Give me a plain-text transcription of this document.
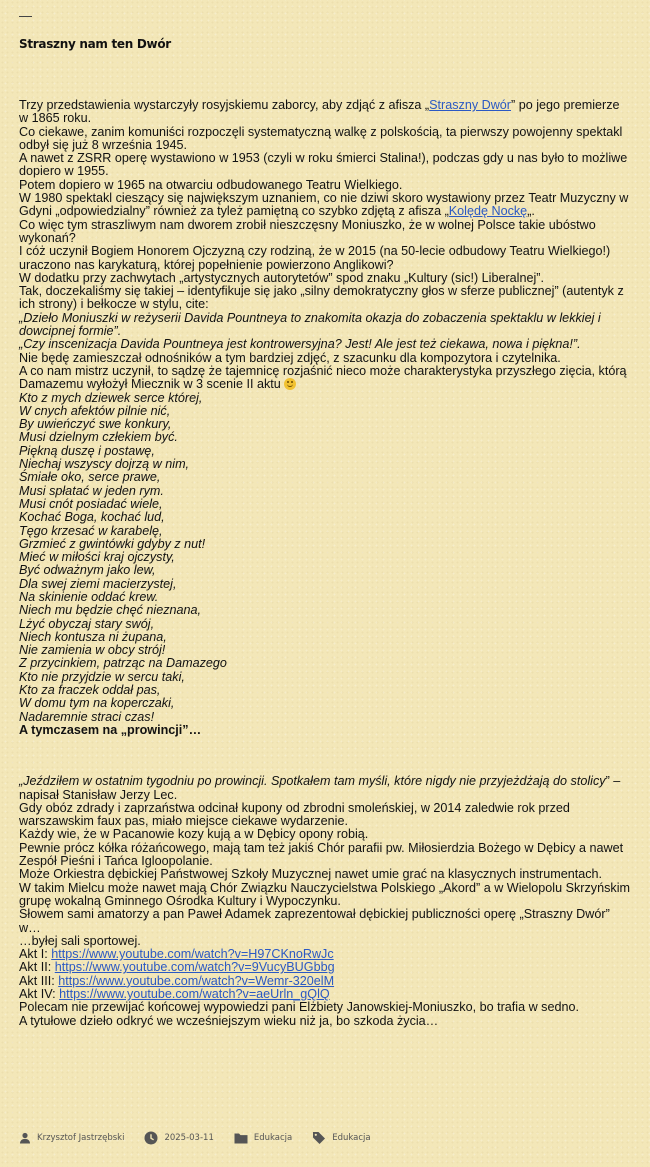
Straszny nam ten Dwór

Trzy przedstawienia wystarczyły rosyjskiemu zaborcy, aby zdjąć z afisza „Straszny Dwór” po jego premierze w 1865 roku.

Co ciekawe, zanim komuniści rozpoczęli systematyczną walkę z polskością, ta pierwszy powojenny spektakl odbył się już 8 września 1945.

A nawet z ZSRR operę wystawiono w 1953 (czyli w roku śmierci Stalina!), podczas gdy u nas było to możliwe dopiero w 1955.

Potem dopiero w 1965 na otwarciu odbudowanego Teatru Wielkiego.

W 1980 spektakl cieszący się największym uznaniem, co nie dziwi skoro wystawiony przez Teatr Muzyczny w Gdyni „odpowiedzialny” również za tyleż pamiętną co szybko zdjętą z afisza „Kolędę Nockę„.

Co więc tym straszliwym nam dworem zrobił nieszczęsny Moniuszko, że w wolnej Polsce takie ubóstwo wykonań?

I cóż uczynił Bogiem Honorem Ojczyzną czy rodziną, że w 2015 (na 50-lecie odbudowy Teatru Wielkiego!) uraczono nas karykaturą, której popełnienie powierzono Anglikowi?

W dodatku przy zachwytach „artystycznych autorytetów” spod znaku „Kultury (sic!) Liberalnej”.

Tak, doczekaliśmy się takiej – identyfikuje się jako „silny demokratyczny głos w sferze publicznej” (autentyk z ich strony) i bełkocze w stylu, cite:

„Dzieło Moniuszki w reżyserii Davida Pountneya to znakomita okazja do zobaczenia spektaklu w lekkiej i dowcipnej formie”.

„Czy inscenizacja Davida Pountneya jest kontrowersyjna? Jest! Ale jest też ciekawa, nowa i piękna!”.

Nie będę zamieszczał odnośników a tym bardziej zdjęć, z szacunku dla kompozytora i czytelnika.

A co nam mistrz uczynił, to sądzę że tajemnicę rozjaśnić nieco może charakterystyka przyszłego zięcia, którą Damazemu wyłożył Miecznik w 3 scenie II aktu

Kto z mych dziewek serce której,

W cnych afektów pilnie nić,

By uwieńczyć swe konkury,

Musi dzielnym człekiem być.

Piękną duszę i postawę,

Niechaj wszyscy dojrzą w nim,

Śmiałe oko, serce prawe,

Musi spłatać w jeden rym.

Musi cnót posiadać wiele,

Kochać Boga, kochać lud,

Tęgo krzesać w karabelę,

Grzmieć z gwintówki gdyby z nut!

Mieć w miłości kraj ojczysty,

Być odważnym jako lew,

Dla swej ziemi macierzystej,

Na skinienie oddać krew.

Niech mu będzie chęć nieznana,

Lżyć obyczaj stary swój,

Niech kontusza ni żupana,

Nie zamienia w obcy strój!

Z przycinkiem, patrząc na Damazego

Kto nie przyjdzie w sercu taki,

Kto za fraczek oddał pas,

W domu tym na koperczaki,

Nadaremnie straci czas!

A tymczasem na „prowincji”…

„Jeździłem w ostatnim tygodniu po prowincji. Spotkałem tam myśli, które nigdy nie przyjeżdżają do stolicy” – napisał Stanisław Jerzy Lec.

Gdy obóz zdrady i zaprzaństwa odcinał kupony od zbrodni smoleńskiej, w 2014 zaledwie rok przed warszawskim faux pas, miało miejsce ciekawe wydarzenie.

Każdy wie, że w Pacanowie kozy kują a w Dębicy opony robią.

Pewnie prócz kółka różańcowego, mają tam też jakiś Chór parafii pw. Miłosierdzia Bożego w Dębicy a nawet Zespół Pieśni i Tańca Igloopolanie.

Może Orkiestra dębickiej Państwowej Szkoły Muzycznej nawet umie grać na klasycznych instrumentach.

W takim Mielcu może nawet mają Chór Związku Nauczycielstwa Polskiego „Akord” a w Wielopolu Skrzyńskim grupę wokalną Gminnego Ośrodka Kultury i Wypoczynku.

Słowem sami amatorzy a pan Paweł Adamek zaprezentował dębickiej publiczności operę „Straszny Dwór” w…

…byłej sali sportowej.

Akt I: https://www.youtube.com/watch?v=H97CKnoRwJc

Akt II: https://www.youtube.com/watch?v=9VucyBUGbbg

Akt III: https://www.youtube.com/watch?v=Wemr-320elM

Akt IV: https://www.youtube.com/watch?v=aeUrln_gQlQ

Polecam nie przewijać końcowej wypowiedzi pani Elżbiety Janowskiej-Moniuszko, bo trafia w sedno.

A tytułowe dzieło odkryć we wcześniejszym wieku niż ja, bo szkoda życia…

Krzysztof Jastrzębski	2025-03-11	Edukacja	Edukacja
